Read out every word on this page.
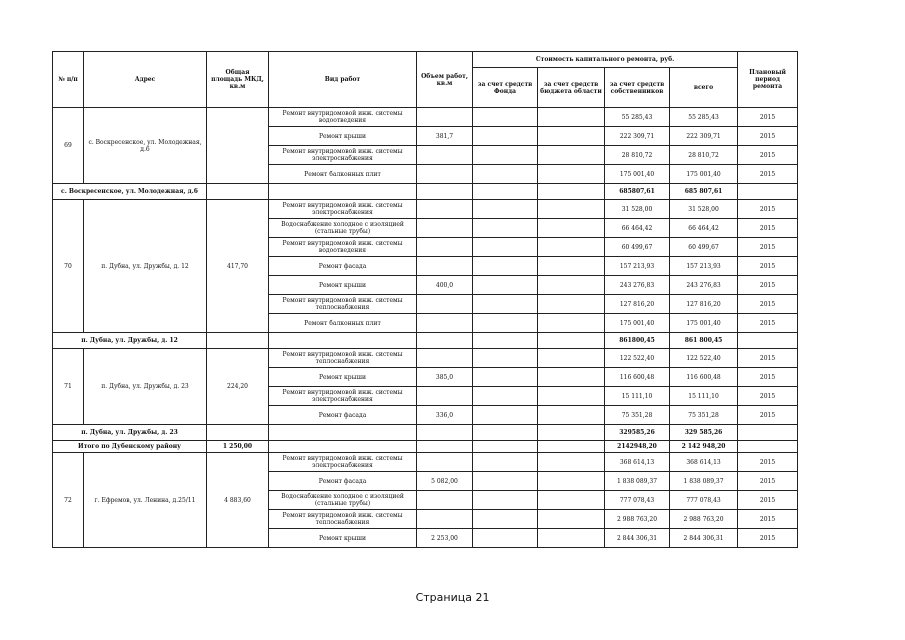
№ п/п	Адрес	Общая площадь МКД, кв.м	Вид работ	Объем работ, кв.м	Стоимость капитального ремонта, руб.				Плановый период ремонта
					за счет средств Фонда	за счет средств бюджета области	за счет средств собственников	всего	
69	с. Воскресенское, ул. Молодежная, д.6		Ремонт внутридомовой инж. системы водоотведения				55 285,43	55 285,43	2015
			Ремонт крыши	381,7			222 309,71	222 309,71	2015
			Ремонт внутридомовой инж. системы электроснабжения				28 810,72	28 810,72	2015
			Ремонт балконных плит				175 001,40	175 001,40	2015
с. Воскресенское, ул. Молодежная, д.6							685807,61	685 807,61	
70	п. Дубна, ул. Дружбы, д. 12	417,70	Ремонт внутридомовой инж. системы электроснабжения				31 528,00	31 528,00	2015
			Водоснабжение холодное с изоляцией (стальные трубы)				66 464,42	66 464,42	2015
			Ремонт внутридомовой инж. системы водоотведения				60 499,67	60 499,67	2015
			Ремонт фасада				157 213,93	157 213,93	2015
			Ремонт крыши	400,0			243 276,83	243 276,83	2015
			Ремонт внутридомовой инж. системы теплоснабжения				127 816,20	127 816,20	2015
			Ремонт балконных плит				175 001,40	175 001,40	2015
п. Дубна, ул. Дружбы, д. 12							861800,45	861 800,45	
71	п. Дубна, ул. Дружбы, д. 23	224,20	Ремонт внутридомовой инж. системы теплоснабжения				122 522,40	122 522,40	2015
			Ремонт крыши	385,0			116 600,48	116 600,48	2015
			Ремонт внутридомовой инж. системы электроснабжения				15 111,10	15 111,10	2015
			Ремонт фасада	336,0			75 351,28	75 351,28	2015
п. Дубна, ул. Дружбы, д. 23							329585,26	329 585,26	
Итого по Дубенскому району		1 250,00					2142948,20	2 142 948,20	
72	г. Ефремов, ул. Ленина, д.25/11	4 883,60	Ремонт внутридомовой инж. системы электроснабжения				368 614,13	368 614,13	2015
			Ремонт фасада	5 082,00			1 838 089,37	1 838 089,37	2015
			Водоснабжение холодное с изоляцией (стальные трубы)				777 078,43	777 078,43	2015
			Ремонт внутридомовой инж. системы теплоснабжения				2 988 763,20	2 988 763,20	2015
			Ремонт крыши	2 253,00			2 844 306,31	2 844 306,31	2015
Страница 21
